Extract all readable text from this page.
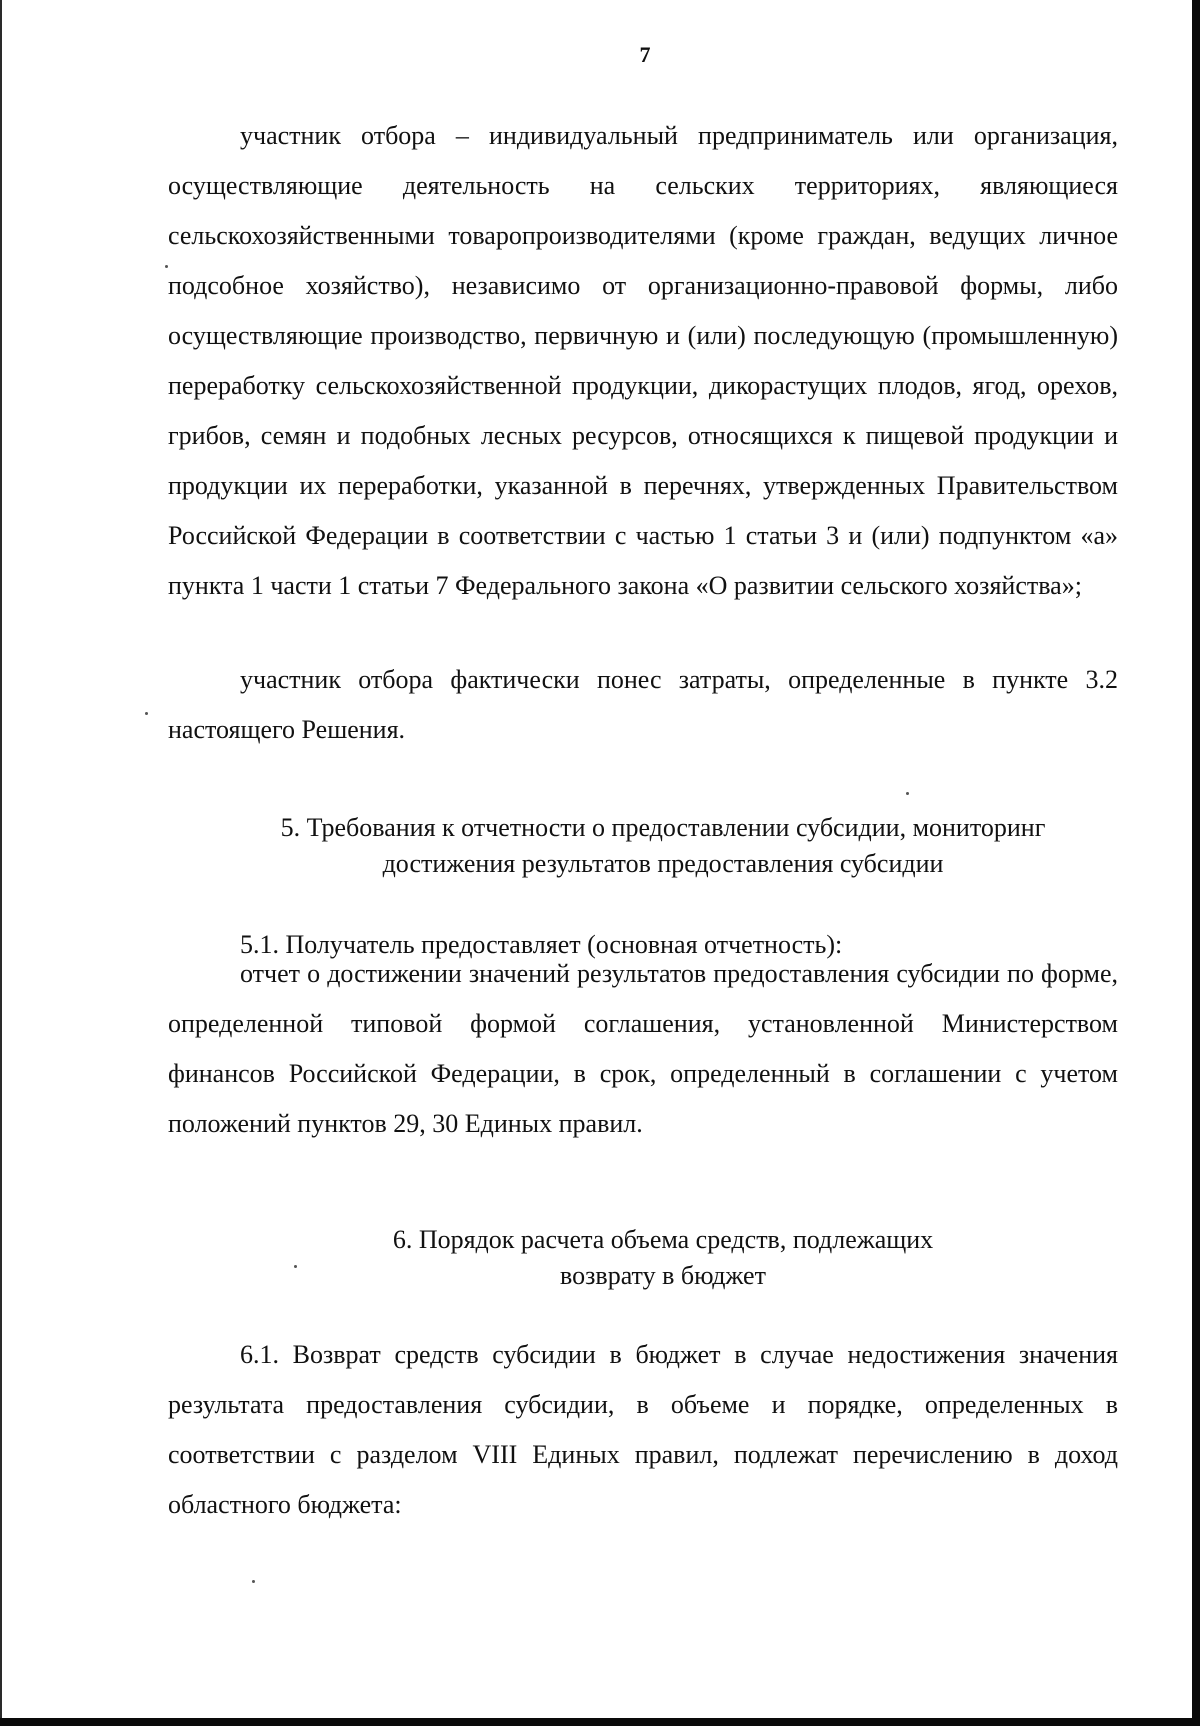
7

участник отбора – индивидуальный предприниматель или организация, осуществляющие деятельность на сельских территориях, являющиеся сельскохозяйственными товаропроизводителями (кроме граждан, ведущих личное подсобное хозяйство), независимо от организационно-правовой формы, либо осуществляющие производство, первичную и (или) последующую (промышленную) переработку сельскохозяйственной продукции, дикорастущих плодов, ягод, орехов, грибов, семян и подобных лесных ресурсов, относящихся к пищевой продукции и продукции их переработки, указанной в перечнях, утвержденных Правительством Российской Федерации в соответствии с частью 1 статьи 3 и (или) подпунктом «а» пункта 1 части 1 статьи 7 Федерального закона «О развитии сельского хозяйства»;

участник отбора фактически понес затраты, определенные в пункте 3.2 настоящего Решения.

5. Требования к отчетности о предоставлении субсидии, мониторинг
достижения результатов предоставления субсидии

5.1. Получатель предоставляет (основная отчетность):

отчет о достижении значений результатов предоставления субсидии по форме, определенной типовой формой соглашения, установленной Министерством финансов Российской Федерации, в срок, определенный в соглашении с учетом положений пунктов 29, 30 Единых правил.

6. Порядок расчета объема средств, подлежащих
возврату в бюджет

6.1. Возврат средств субсидии в бюджет в случае недостижения значения результата предоставления субсидии, в объеме и порядке, определенных в соответствии с разделом VIII Единых правил, подлежат перечислению в доход областного бюджета:
